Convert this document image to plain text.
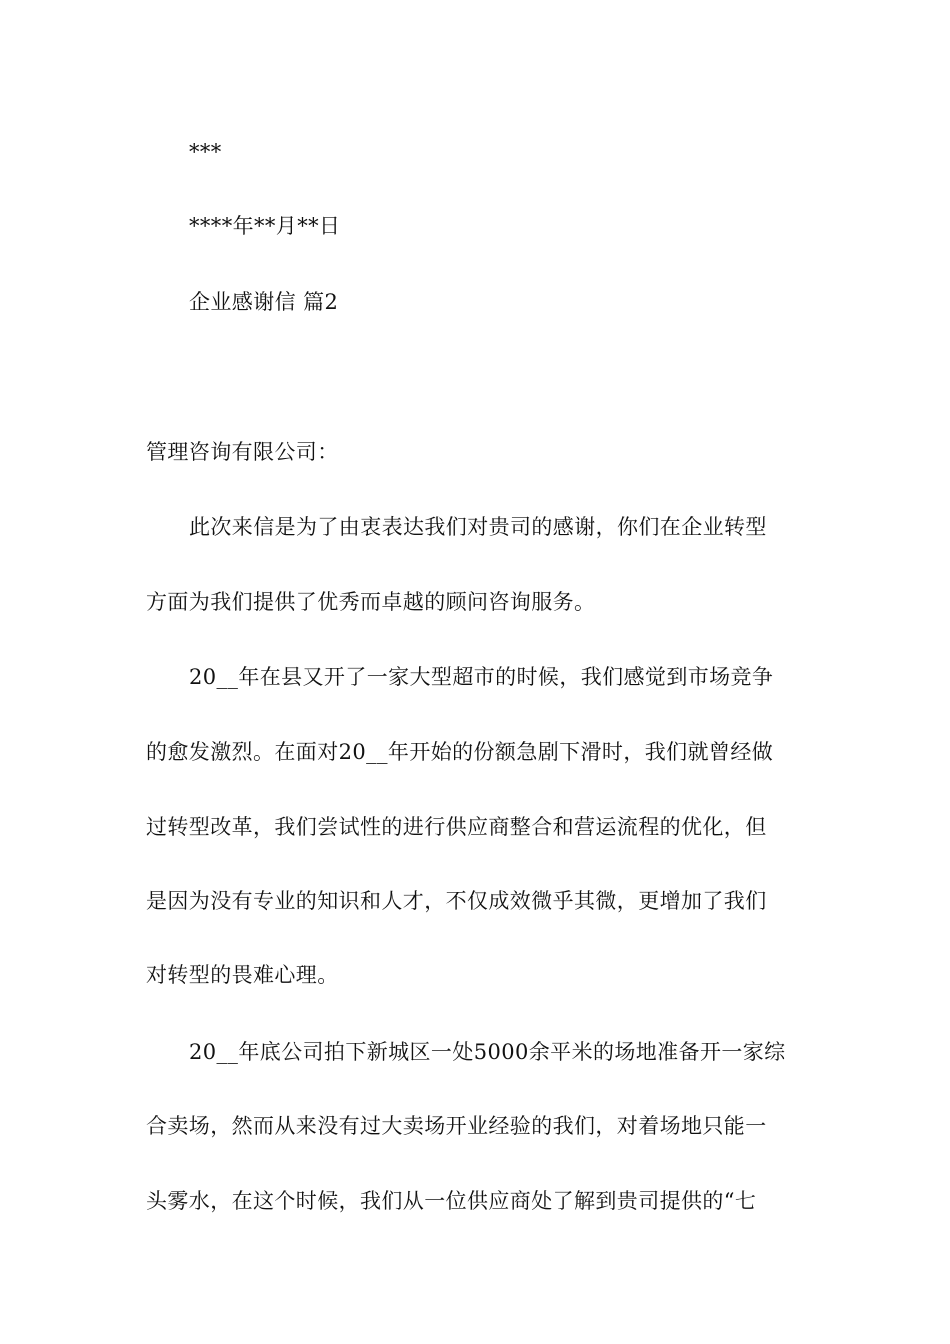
***
****年**月**日
企业感谢信 篇2
管理咨询有限公司：
此次来信是为了由衷表达我们对贵司的感谢，你们在企业转型
方面为我们提供了优秀而卓越的顾问咨询服务。
20__年在县又开了一家大型超市的时候，我们感觉到市场竞争
的愈发激烈。在面对20__年开始的份额急剧下滑时，我们就曾经做
过转型改革，我们尝试性的进行供应商整合和营运流程的优化，但
是因为没有专业的知识和人才，不仅成效微乎其微，更增加了我们
对转型的畏难心理。
20__年底公司拍下新城区一处5000余平米的场地准备开一家综
合卖场，然而从来没有过大卖场开业经验的我们，对着场地只能一
头雾水，在这个时候，我们从一位供应商处了解到贵司提供的“七
